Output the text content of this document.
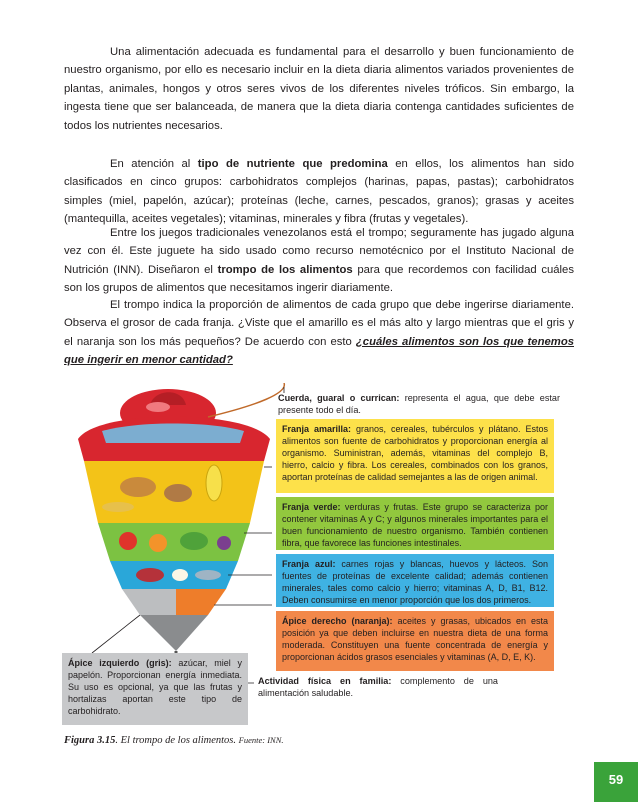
Una alimentación adecuada es fundamental para el desarrollo y buen funcionamiento de nuestro organismo, por ello es necesario incluir en la dieta diaria alimentos variados provenientes de plantas, animales, hongos y otros seres vivos de los diferentes niveles tróficos. Sin embargo, la ingesta tiene que ser balanceada, de manera que la dieta diaria contenga cantidades suficientes de todos los nutrientes necesarios.

En atención al tipo de nutriente que predomina en ellos, los alimentos han sido clasificados en cinco grupos: carbohidratos complejos (harinas, papas, pastas); carbohidratos simples (miel, papelón, azúcar); proteínas (leche, carnes, pescados, granos); grasas y aceites (mantequilla, aceites vegetales); vitaminas, minerales y fibra (frutas y vegetales).

Entre los juegos tradicionales venezolanos está el trompo; seguramente has jugado alguna vez con él. Este juguete ha sido usado como recurso nemotécnico por el Instituto Nacional de Nutrición (INN). Diseñaron el trompo de los alimentos para que recordemos con facilidad cuáles son los grupos de alimentos que necesitamos ingerir diariamente.

El trompo indica la proporción de alimentos de cada grupo que debe ingerirse diariamente. Observa el grosor de cada franja. ¿Viste que el amarillo es el más alto y largo mientras que el gris y el naranja son los más pequeños? De acuerdo con esto ¿cuáles alimentos son los que tenemos que ingerir en menor cantidad?

Cuerda, guaral o currican: representa el agua, que debe estar presente todo el día.
Franja amarilla: granos, cereales, tubérculos y plátano. Estos alimentos son fuente de carbohidratos y proporcionan energía al organismo. Suministran, además, vitaminas del complejo B, hierro, calcio y fibra. Los cereales, combinados con los granos, aportan proteínas de calidad semejantes a las de origen animal.
Franja verde: verduras y frutas. Este grupo se caracteriza por contener vitaminas A y C; y algunos minerales importantes para el buen funcionamiento de nuestro organismo. También contienen fibra, que favorece las funciones intestinales.
Franja azul: carnes rojas y blancas, huevos y lácteos. Son fuentes de proteínas de excelente calidad; además contienen minerales, tales como calcio y hierro; vitaminas A, D, B1, B12. Deben consumirse en menor proporción que los dos primeros.
Ápice derecho (naranja): aceites y grasas, ubicados en esta posición ya que deben incluirse en nuestra dieta de una forma moderada. Constituyen una fuente concentrada de energía y proporcionan ácidos grasos esenciales y vitaminas (A, D, E, K).
Ápice izquierdo (gris): azúcar, miel y papelón. Proporcionan energía inmediata. Su uso es opcional, ya que las frutas y hortalizas aportan este tipo de carbohidrato.
Actividad física en familia: complemento de una alimentación saludable.
Figura 3.15. El trompo de los alimentos. Fuente: INN.
59
